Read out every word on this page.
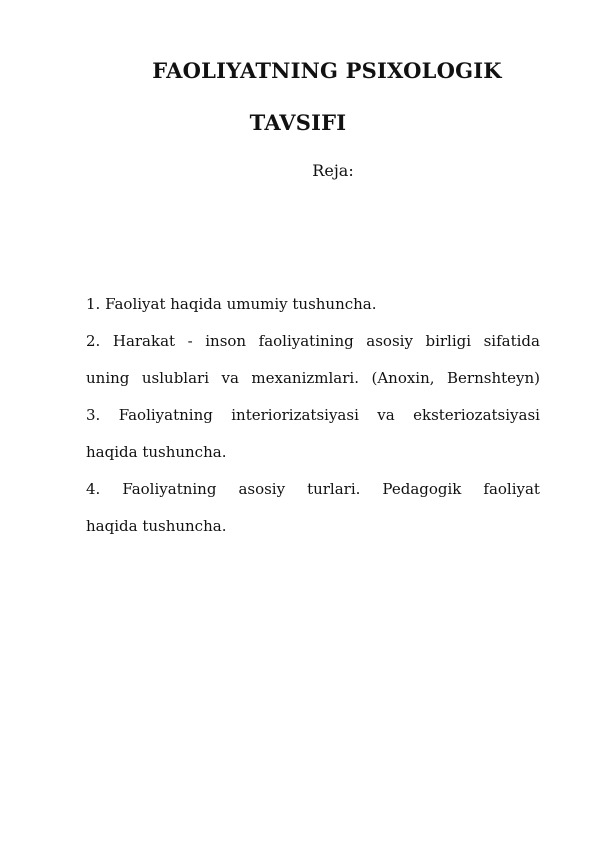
FAOLIYATNING PSIXOLOGIK
TAVSIFI
Reja:
1. Faoliyat haqida umumiy tushuncha.
2. Harakat - inson faoliyatining asosiy birligi sifatida
uning uslublari va mexanizmlari. (Anoxin, Bernshteyn)
3. Faoliyatning interiorizatsiyasi va eksteriozatsiyasi
haqida tushuncha.
4. Faoliyatning asosiy turlari. Pedagogik faoliyat
haqida tushuncha.
